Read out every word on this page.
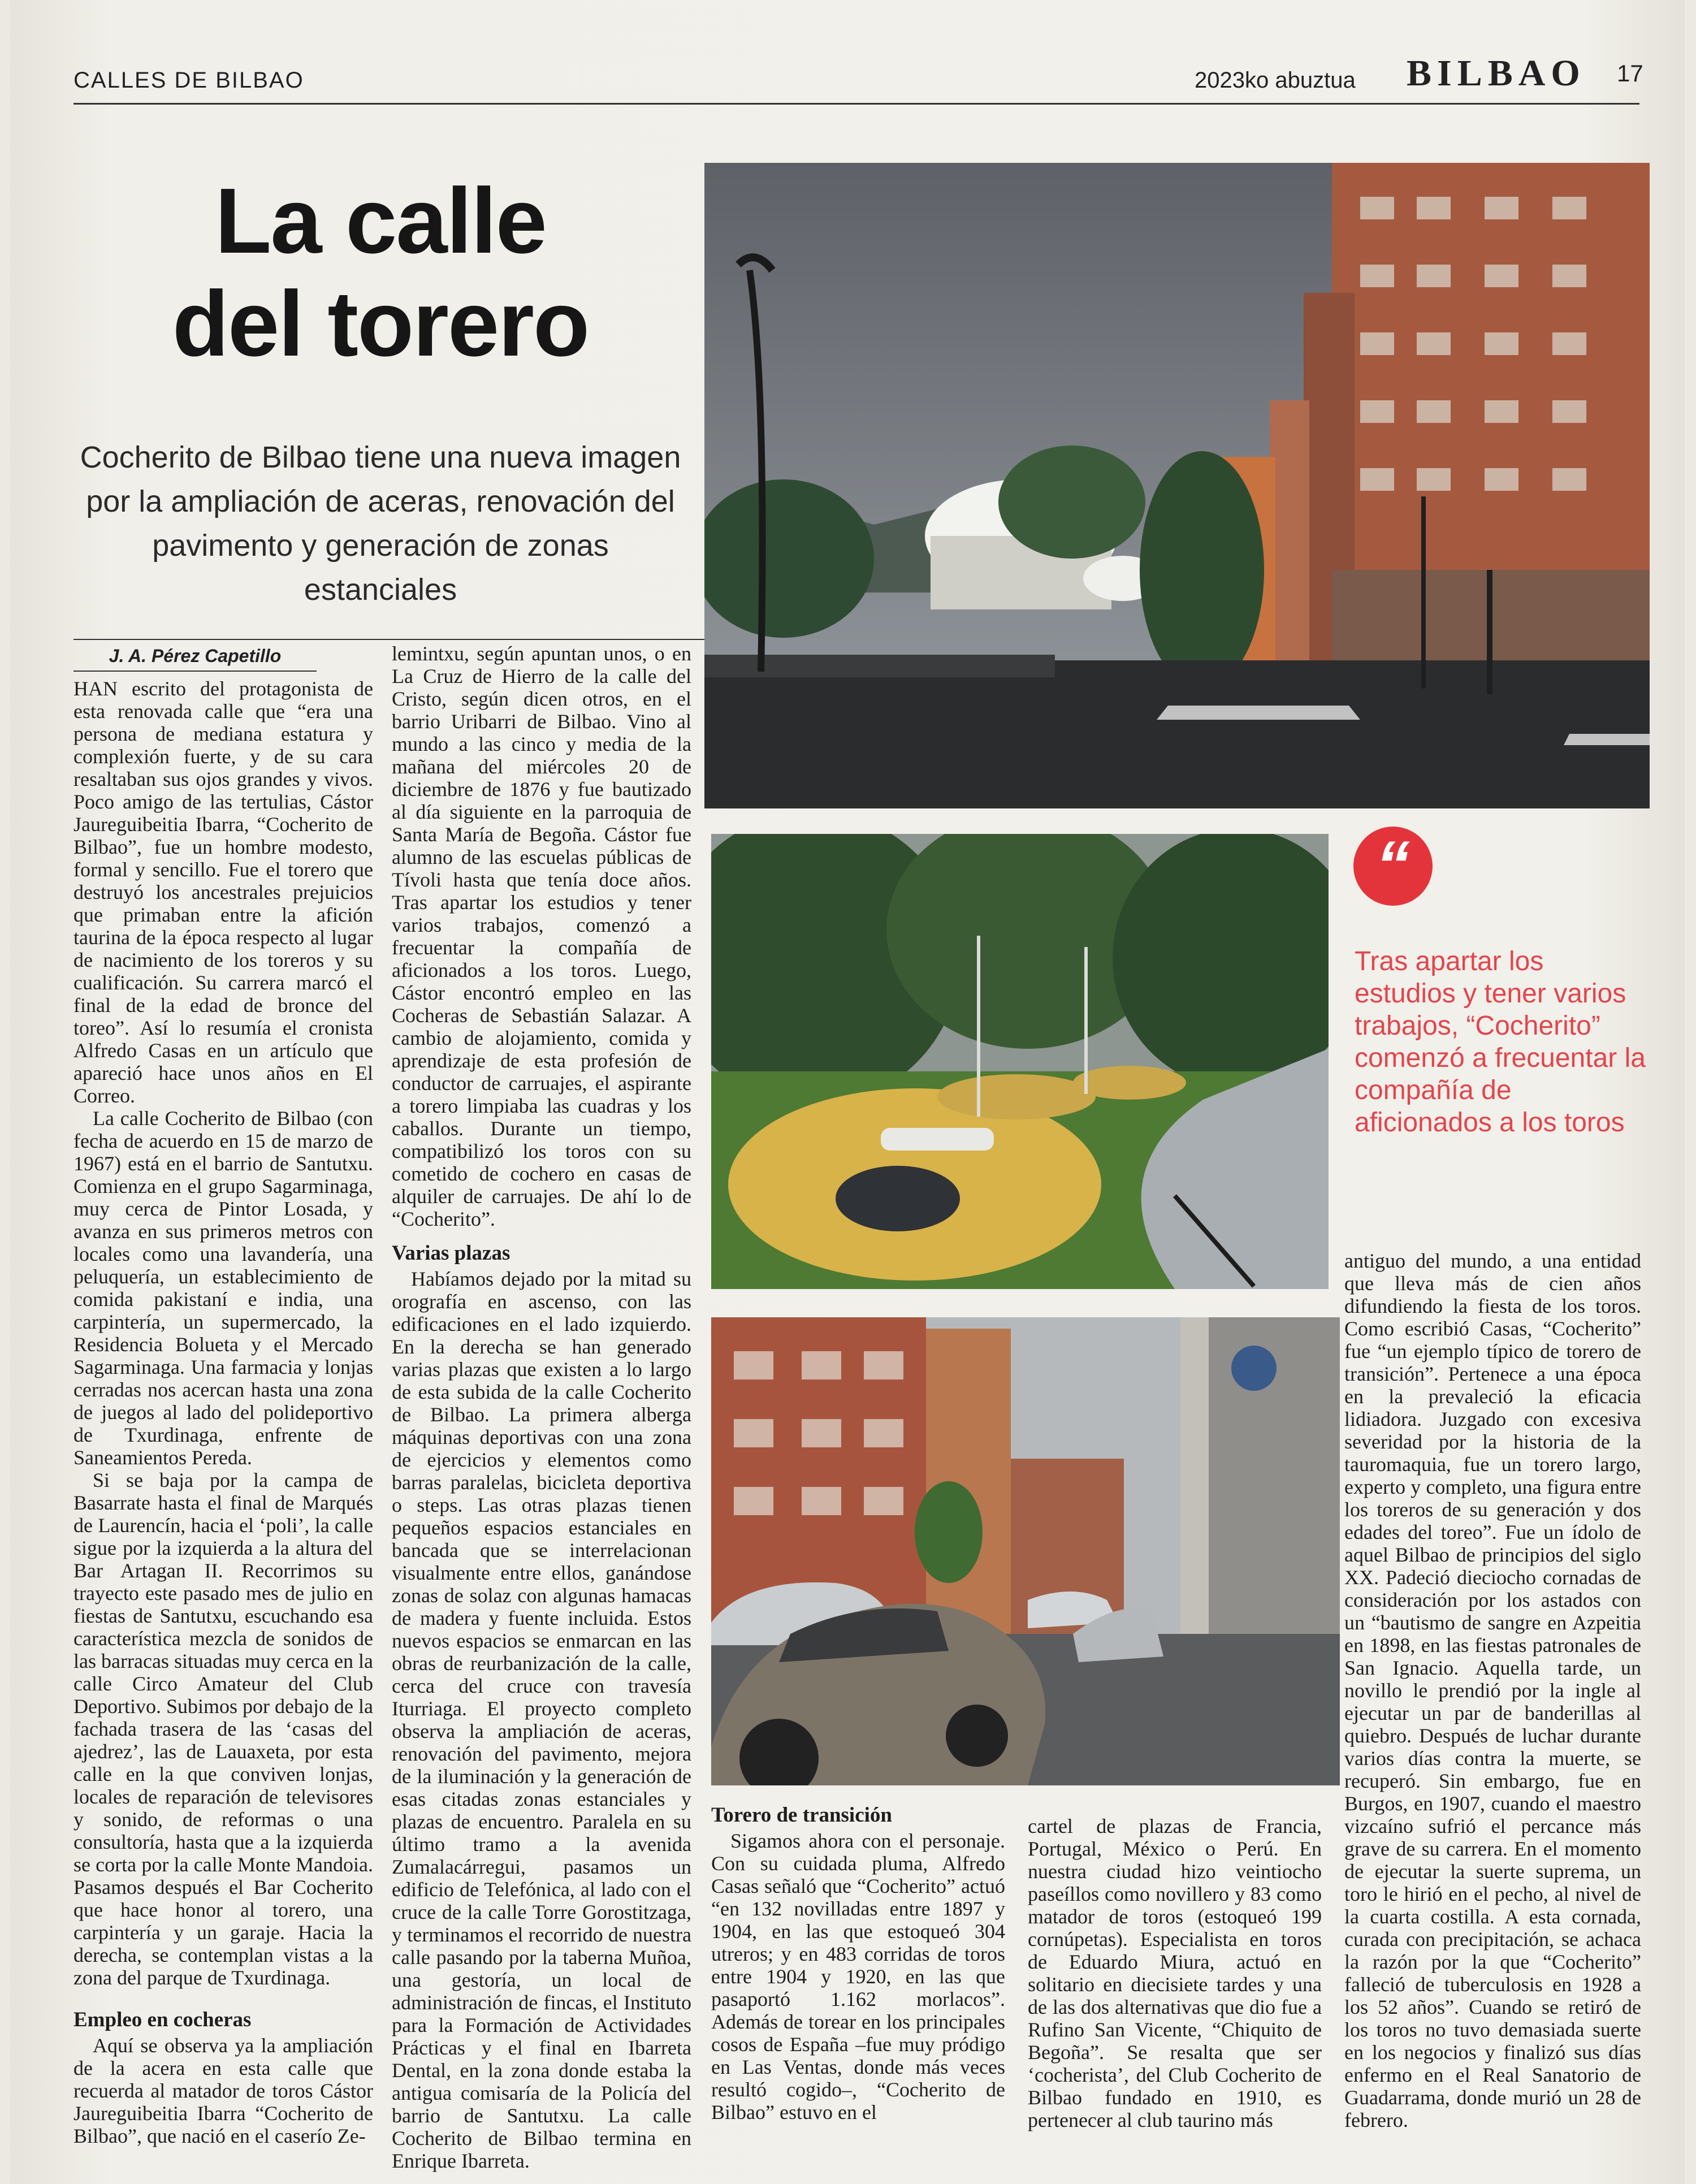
CALLES DE BILBAO	2023ko abuztua BILBAO 17
La calle
del torero
Cocherito de Bilbao tiene una nueva imagen por la ampliación de aceras, renovación del pavimento y generación de zonas estanciales
J. A. Pérez Capetillo

HAN escrito del protagonista de esta renovada calle que “era una persona de mediana estatura y complexión fuerte, y de su cara resaltaban sus ojos grandes y vivos. Poco amigo de las tertulias, Cástor Jaureguibeitia Ibarra, “Cocherito de Bilbao”, fue un hombre modesto, formal y sencillo. Fue el torero que destruyó los ancestrales prejuicios que primaban entre la afición taurina de la época respecto al lugar de nacimiento de los toreros y su cualificación. Su carrera marcó el final de la edad de bronce del toreo”. Así lo resumía el cronista Alfredo Casas en un artículo que apareció hace unos años en El Correo.

La calle Cocherito de Bilbao (con fecha de acuerdo en 15 de marzo de 1967) está en el barrio de Santutxu. Comienza en el grupo Sagarminaga, muy cerca de Pintor Losada, y avanza en sus primeros metros con locales como una lavandería, una peluquería, un establecimiento de comida pakistaní e india, una carpintería, un supermercado, la Residencia Bolueta y el Mercado Sagarminaga. Una farmacia y lonjas cerradas nos acercan hasta una zona de juegos al lado del polideportivo de Txurdinaga, enfrente de Saneamientos Pereda.

Si se baja por la campa de Basarrate hasta el final de Marqués de Laurencín, hacia el ‘poli’, la calle sigue por la izquierda a la altura del Bar Artagan II. Recorrimos su trayecto este pasado mes de julio en fiestas de Santutxu, escuchando esa característica mezcla de sonidos de las barracas situadas muy cerca en la calle Circo Amateur del Club Deportivo. Subimos por debajo de la fachada trasera de las ‘casas del ajedrez’, las de Lauaxeta, por esta calle en la que conviven lonjas, locales de reparación de televisores y sonido, de reformas o una consultoría, hasta que a la izquierda se corta por la calle Monte Mandoia. Pasamos después el Bar Cocherito que hace honor al torero, una carpintería y un garaje. Hacia la derecha, se contemplan vistas a la zona del parque de Txurdinaga.

Empleo en cocheras

Aquí se observa ya la ampliación de la acera en esta calle que recuerda al matador de toros Cástor Jaureguibeitia Ibarra “Cocherito de Bilbao”, que nació en el caserío Ze-

lemintxu, según apuntan unos, o en La Cruz de Hierro de la calle del Cristo, según dicen otros, en el barrio Uribarri de Bilbao. Vino al mundo a las cinco y media de la mañana del miércoles 20 de diciembre de 1876 y fue bautizado al día siguiente en la parroquia de Santa María de Begoña. Cástor fue alumno de las escuelas públicas de Tívoli hasta que tenía doce años. Tras apartar los estudios y tener varios trabajos, comenzó a frecuentar la compañía de aficionados a los toros. Luego, Cástor encontró empleo en las Cocheras de Sebastián Salazar. A cambio de alojamiento, comida y aprendizaje de esta profesión de conductor de carruajes, el aspirante a torero limpiaba las cuadras y los caballos. Durante un tiempo, compatibilizó los toros con su cometido de cochero en casas de alquiler de carruajes. De ahí lo de “Cocherito”.

Varias plazas

Habíamos dejado por la mitad su orografía en ascenso, con las edificaciones en el lado izquierdo. En la derecha se han generado varias plazas que existen a lo largo de esta subida de la calle Cocherito de Bilbao. La primera alberga máquinas deportivas con una zona de ejercicios y elementos como barras paralelas, bicicleta deportiva o steps. Las otras plazas tienen pequeños espacios estanciales en bancada que se interrelacionan visualmente entre ellos, ganándose zonas de solaz con algunas hamacas de madera y fuente incluida. Estos nuevos espacios se enmarcan en las obras de reurbanización de la calle, cerca del cruce con travesía Iturriaga. El proyecto completo observa la ampliación de aceras, renovación del pavimento, mejora de la iluminación y la generación de esas citadas zonas estanciales y plazas de encuentro. Paralela en su último tramo a la avenida Zumalacárregui, pasamos un edificio de Telefónica, al lado con el cruce de la calle Torre Gorostitzaga, y terminamos el recorrido de nuestra calle pasando por la taberna Muñoa, una gestoría, un local de administración de fincas, el Instituto para la Formación de Actividades Prácticas y el final en Ibarreta Dental, en la zona donde estaba la antigua comisaría de la Policía del barrio de Santutxu. La calle Cocherito de Bilbao termina en Enrique Ibarreta.

Torero de transición

Sigamos ahora con el personaje. Con su cuidada pluma, Alfredo Casas señaló que “Cocherito” actuó “en 132 novilladas entre 1897 y 1904, en las que estoqueó 304 utreros; y en 483 corridas de toros entre 1904 y 1920, en las que pasaportó 1.162 morlacos”. Además de torear en los principales cosos de España –fue muy pródigo en Las Ventas, donde más veces resultó cogido–, “Cocherito de Bilbao” estuvo en el

cartel de plazas de Francia, Portugal, México o Perú. En nuestra ciudad hizo veintiocho paseíllos como novillero y 83 como matador de toros (estoqueó 199 cornúpetas). Especialista en toros de Eduardo Miura, actuó en solitario en diecisiete tardes y una de las dos alternativas que dio fue a Rufino San Vicente, “Chiquito de Begoña”. Se resalta que ser ‘cocherista’, del Club Cocherito de Bilbao fundado en 1910, es pertenecer al club taurino más

antiguo del mundo, a una entidad que lleva más de cien años difundiendo la fiesta de los toros. Como escribió Casas, “Cocherito” fue “un ejemplo típico de torero de transición”. Pertenece a una época en la prevaleció la eficacia lidiadora. Juzgado con excesiva severidad por la historia de la tauromaquia, fue un torero largo, experto y completo, una figura entre los toreros de su generación y dos edades del toreo”. Fue un ídolo de aquel Bilbao de principios del siglo XX. Padeció dieciocho cornadas de consideración por los astados con un “bautismo de sangre en Azpeitia en 1898, en las fiestas patronales de San Ignacio. Aquella tarde, un novillo le prendió por la ingle al ejecutar un par de banderillas al quiebro. Después de luchar durante varios días contra la muerte, se recuperó. Sin embargo, fue en Burgos, en 1907, cuando el maestro vizcaíno sufrió el percance más grave de su carrera. En el momento de ejecutar la suerte suprema, un toro le hirió en el pecho, al nivel de la cuarta costilla. A esta cornada, curada con precipitación, se achaca la razón por la que “Cocherito” falleció de tuberculosis en 1928 a los 52 años”. Cuando se retiró de los toros no tuvo demasiada suerte en los negocios y finalizó sus días enfermo en el Real Sanatorio de Guadarrama, donde murió un 28 de febrero.

“
Tras apartar los estudios y tener varios trabajos, “Cocherito” comenzó a frecuentar la compañía de aficionados a los toros
